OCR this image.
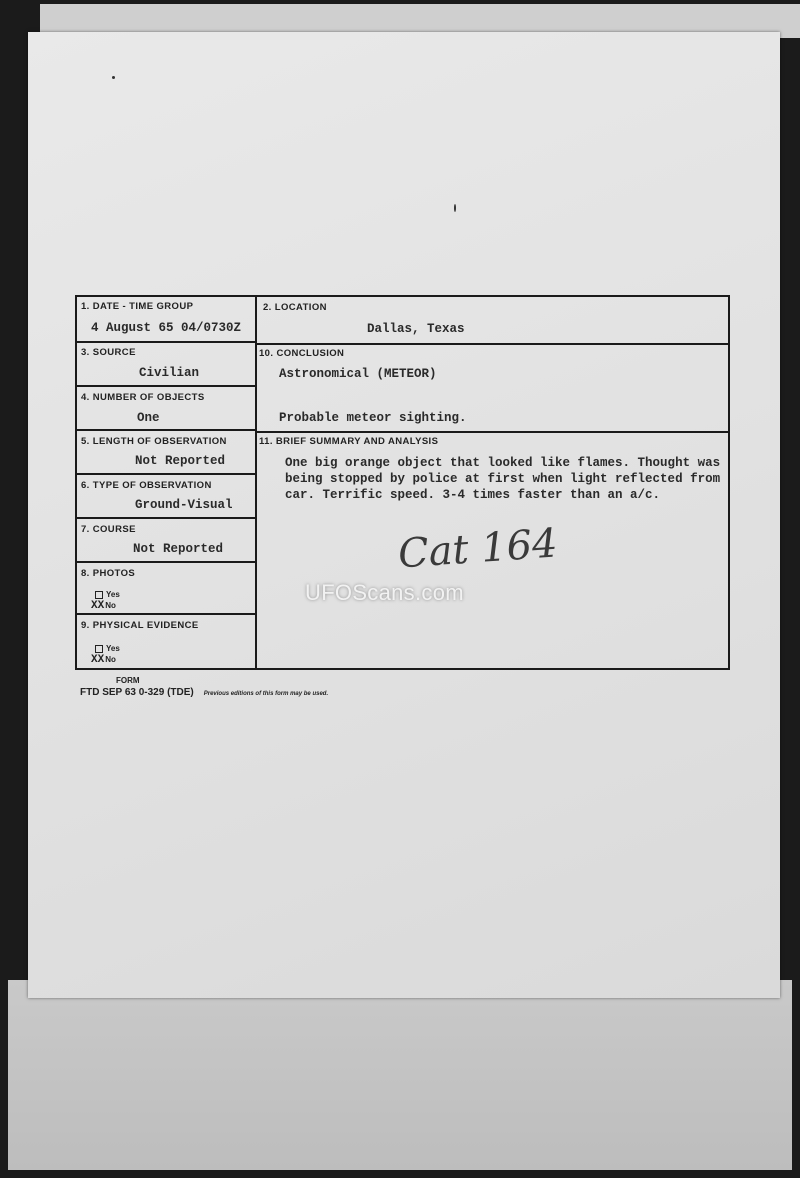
1. DATE - TIME GROUP
4 August 65 04/0730Z
3. SOURCE
Civilian
4. NUMBER OF OBJECTS
One
5. LENGTH OF OBSERVATION
Not Reported
6. TYPE OF OBSERVATION
Ground-Visual
7. COURSE
Not Reported
8. PHOTOS
Yes
XXNo
9. PHYSICAL EVIDENCE
Yes
XXNo
2. LOCATION
Dallas, Texas
10. CONCLUSION
Astronomical (METEOR)
Probable meteor sighting.
11. BRIEF SUMMARY AND ANALYSIS
One big orange object that looked like flames. Thought was being stopped by police at first when light reflected from car. Terrific speed. 3-4 times faster than an a/c.
Cat 164
UFOScans.com
FORM
FTD SEP 63 0-329 (TDE) Previous editions of this form may be used.
